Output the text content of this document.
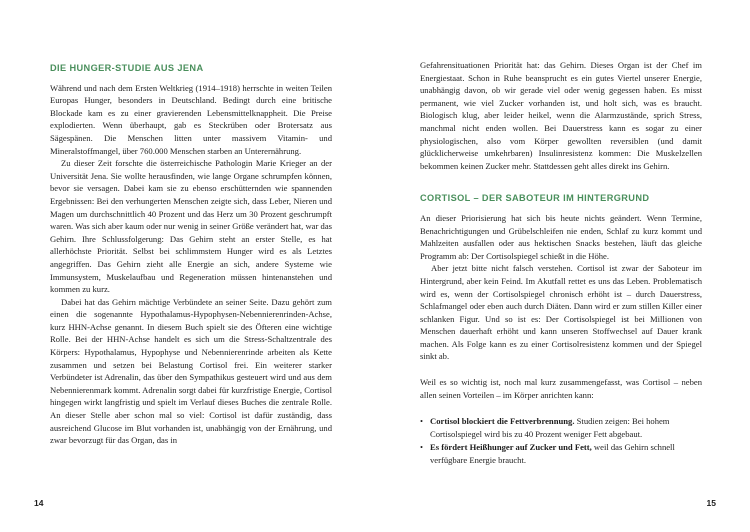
DIE HUNGER-STUDIE AUS JENA

Während und nach dem Ersten Weltkrieg (1914–1918) herrschte in weiten Teilen Europas Hunger, besonders in Deutschland. Bedingt durch eine britische Blockade kam es zu einer gravierenden Lebensmittelknappheit. Die Preise explodierten. Wenn überhaupt, gab es Steckrüben oder Brotersatz aus Sägespänen. Die Menschen litten unter massivem Vitamin- und Mineralstoffmangel, über 760.000 Menschen starben an Unterernährung.

Zu dieser Zeit forschte die österreichische Pathologin Marie Krieger an der Universität Jena. Sie wollte herausfinden, wie lange Organe schrumpfen können, bevor sie versagen. Dabei kam sie zu ebenso erschütternden wie spannenden Ergebnissen: Bei den verhungerten Menschen zeigte sich, dass Leber, Nieren und Magen um durchschnittlich 40 Prozent und das Herz um 30 Prozent geschrumpft waren. Was sich aber kaum oder nur wenig in seiner Größe verändert hat, war das Gehirn. Ihre Schlussfolgerung: Das Gehirn steht an erster Stelle, es hat allerhöchste Priorität. Selbst bei schlimmstem Hunger wird es als Letztes angegriffen. Das Gehirn zieht alle Energie an sich, andere Systeme wie Immunsystem, Muskelaufbau und Regeneration müssen hintenanstehen und kommen zu kurz.

Dabei hat das Gehirn mächtige Verbündete an seiner Seite. Dazu gehört zum einen die sogenannte Hypothalamus-Hypophysen-Nebennierenrinden-Achse, kurz HHN-Achse genannt. In diesem Buch spielt sie des Öfteren eine wichtige Rolle. Bei der HHN-Achse handelt es sich um die Stress-Schaltzentrale des Körpers: Hypothalamus, Hypophyse und Nebennierenrinde arbeiten als Kette zusammen und setzen bei Belastung Cortisol frei. Ein weiterer starker Verbündeter ist Adrenalin, das über den Sympathikus gesteuert wird und aus dem Nebennierenmark kommt. Adrenalin sorgt dabei für kurzfristige Energie, Cortisol hingegen wirkt langfristig und spielt im Verlauf dieses Buches die zentrale Rolle. An dieser Stelle aber schon mal so viel: Cortisol ist dafür zuständig, dass ausreichend Glucose im Blut vorhanden ist, unabhängig von der Ernährung, und zwar bevorzugt für das Organ, das in

14

Gefahrensituationen Priorität hat: das Gehirn. Dieses Organ ist der Chef im Energiestaat. Schon in Ruhe beansprucht es ein gutes Viertel unserer Energie, unabhängig davon, ob wir gerade viel oder wenig gegessen haben. Es misst permanent, wie viel Zucker vorhanden ist, und holt sich, was es braucht. Biologisch klug, aber leider heikel, wenn die Alarmzustände, sprich Stress, manchmal nicht enden wollen. Bei Dauerstress kann es sogar zu einer physiologischen, also vom Körper gewollten reversiblen (und damit glücklicherweise umkehrbaren) Insulinresistenz kommen: Die Muskelzellen bekommen keinen Zucker mehr. Stattdessen geht alles direkt ins Gehirn.

CORTISOL – DER SABOTEUR IM HINTERGRUND

An dieser Priorisierung hat sich bis heute nichts geändert. Wenn Termine, Benachrichtigungen und Grübelschleifen nie enden, Schlaf zu kurz kommt und Mahlzeiten ausfallen oder aus hektischen Snacks bestehen, läuft das gleiche Programm ab: Der Cortisolspiegel schießt in die Höhe.

Aber jetzt bitte nicht falsch verstehen. Cortisol ist zwar der Saboteur im Hintergrund, aber kein Feind. Im Akutfall rettet es uns das Leben. Problematisch wird es, wenn der Cortisolspiegel chronisch erhöht ist – durch Dauerstress, Schlafmangel oder eben auch durch Diäten. Dann wird er zum stillen Killer einer schlanken Figur. Und so ist es: Der Cortisolspiegel ist bei Millionen von Menschen dauerhaft erhöht und kann unseren Stoffwechsel auf Dauer krank machen. Als Folge kann es zu einer Cortisolresistenz kommen und der Spiegel sinkt ab.

Weil es so wichtig ist, noch mal kurz zusammengefasst, was Cortisol – neben allen seinen Vorteilen – im Körper anrichten kann:

• Cortisol blockiert die Fettverbrennung. Studien zeigen: Bei hohem Cortisolspiegel wird bis zu 40 Prozent weniger Fett abgebaut.
• Es fördert Heißhunger auf Zucker und Fett, weil das Gehirn schnell verfügbare Energie braucht.
15
